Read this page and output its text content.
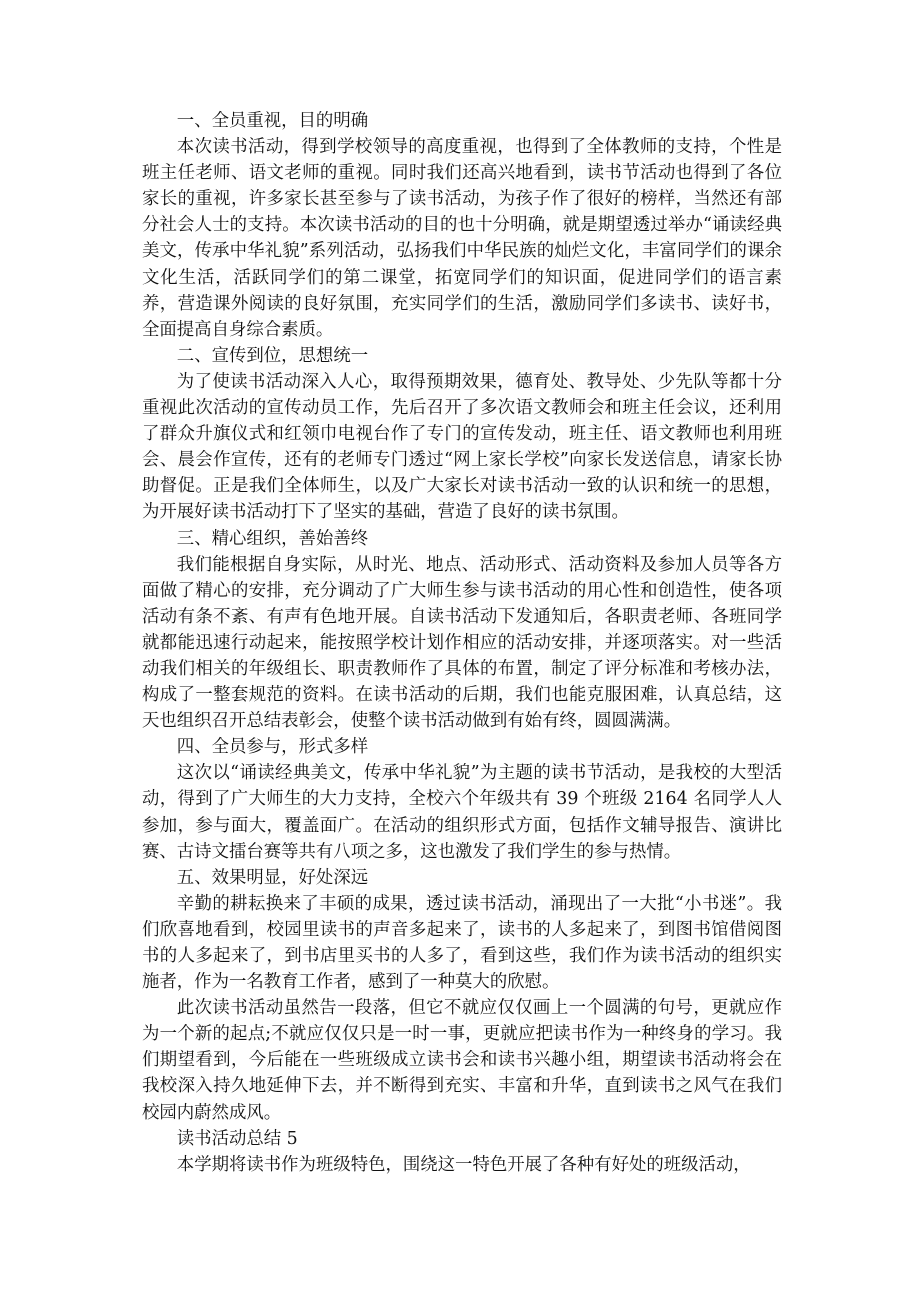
一、全员重视，目的明确

本次读书活动，得到学校领导的高度重视，也得到了全体教师的支持，个性是班主任老师、语文老师的重视。同时我们还高兴地看到，读书节活动也得到了各位家长的重视，许多家长甚至参与了读书活动，为孩子作了很好的榜样，当然还有部分社会人士的支持。本次读书活动的目的也十分明确，就是期望透过举办“诵读经典美文，传承中华礼貌”系列活动，弘扬我们中华民族的灿烂文化，丰富同学们的课余文化生活，活跃同学们的第二课堂，拓宽同学们的知识面，促进同学们的语言素养，营造课外阅读的良好氛围，充实同学们的生活，激励同学们多读书、读好书，全面提高自身综合素质。

二、宣传到位，思想统一

为了使读书活动深入人心，取得预期效果，德育处、教导处、少先队等都十分重视此次活动的宣传动员工作，先后召开了多次语文教师会和班主任会议，还利用了群众升旗仪式和红领巾电视台作了专门的宣传发动，班主任、语文教师也利用班会、晨会作宣传，还有的老师专门透过“网上家长学校”向家长发送信息，请家长协助督促。正是我们全体师生，以及广大家长对读书活动一致的认识和统一的思想，为开展好读书活动打下了坚实的基础，营造了良好的读书氛围。

三、精心组织，善始善终

我们能根据自身实际，从时光、地点、活动形式、活动资料及参加人员等各方面做了精心的安排，充分调动了广大师生参与读书活动的用心性和创造性，使各项活动有条不紊、有声有色地开展。自读书活动下发通知后，各职责老师、各班同学就都能迅速行动起来，能按照学校计划作相应的活动安排，并逐项落实。对一些活动我们相关的年级组长、职责教师作了具体的布置，制定了评分标准和考核办法，构成了一整套规范的资料。在读书活动的后期，我们也能克服困难，认真总结，这天也组织召开总结表彰会，使整个读书活动做到有始有终，圆圆满满。

四、全员参与，形式多样

这次以“诵读经典美文，传承中华礼貌”为主题的读书节活动，是我校的大型活动，得到了广大师生的大力支持，全校六个年级共有 39 个班级 2164 名同学人人参加，参与面大，覆盖面广。在活动的组织形式方面，包括作文辅导报告、演讲比赛、古诗文擂台赛等共有八项之多，这也激发了我们学生的参与热情。

五、效果明显，好处深远

辛勤的耕耘换来了丰硕的成果，透过读书活动，涌现出了一大批“小书迷”。我们欣喜地看到，校园里读书的声音多起来了，读书的人多起来了，到图书馆借阅图书的人多起来了，到书店里买书的人多了，看到这些，我们作为读书活动的组织实施者，作为一名教育工作者，感到了一种莫大的欣慰。

此次读书活动虽然告一段落，但它不就应仅仅画上一个圆满的句号，更就应作为一个新的起点;不就应仅仅只是一时一事，更就应把读书作为一种终身的学习。我们期望看到，今后能在一些班级成立读书会和读书兴趣小组，期望读书活动将会在我校深入持久地延伸下去，并不断得到充实、丰富和升华，直到读书之风气在我们校园内蔚然成风。

读书活动总结 5

本学期将读书作为班级特色，围绕这一特色开展了各种有好处的班级活动，
